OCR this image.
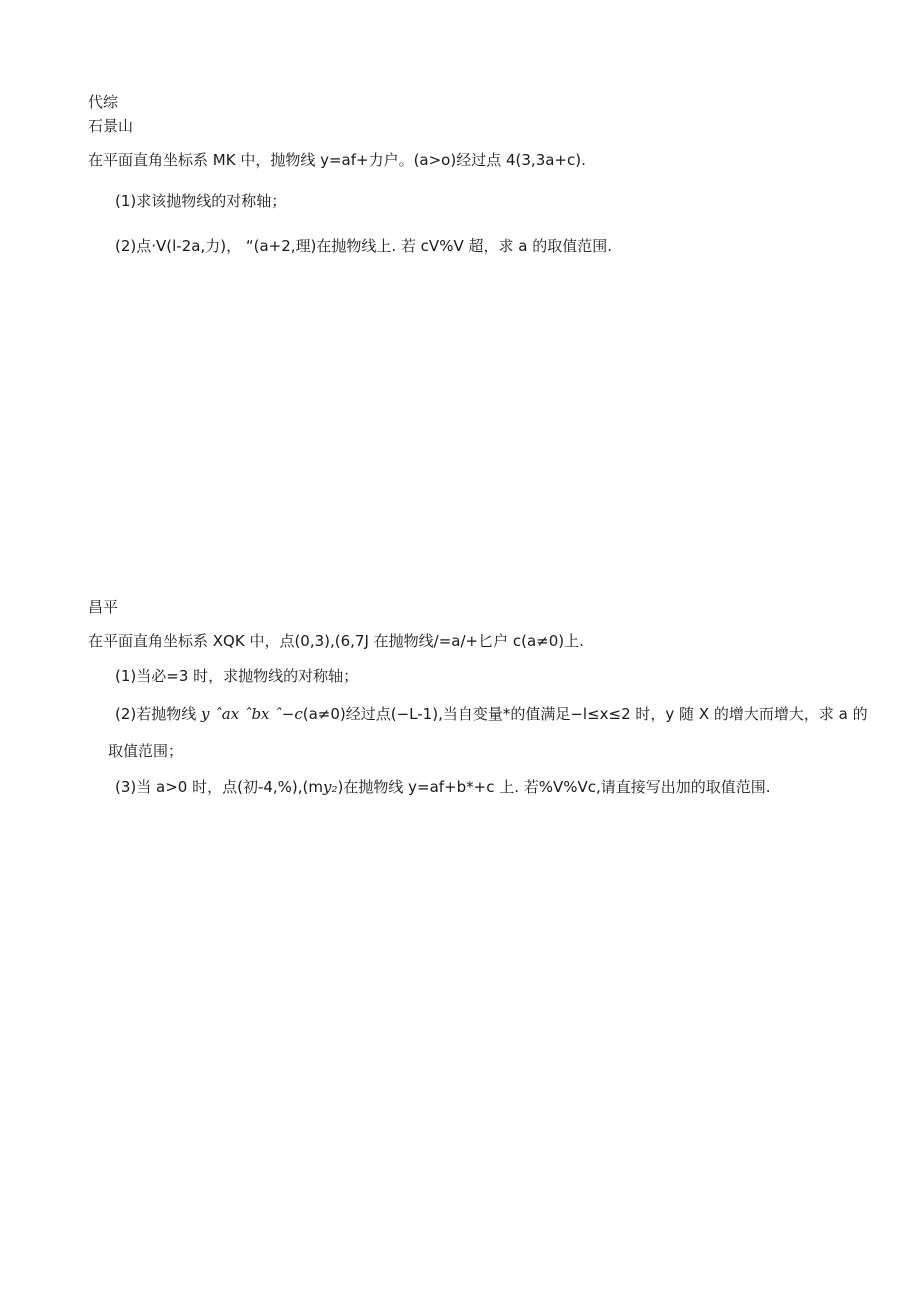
代综
石景山
在平面直角坐标系 MK 中，抛物线 y=af+力户。(a>o)经过点 4(3,3a+c).
(1)求该抛物线的对称轴；
(2)点·V(l-2a,力)， “(a+2,理)在抛物线上. 若 cV%V 超，求 a 的取值范围.
昌平
在平面直角坐标系 XQK 中，点(0,3),(6,7J 在抛物线/=a/+匕户 c(a≠0)上.
(1)当必=3 时，求抛物线的对称轴；
(2)若抛物线 y ˆax ˆbx ˆ−c(a≠0)经过点(−L-1),当自变量*的值满足−l≤x≤2 时，y 随 X 的增大而增大，求 a 的
取值范围；
(3)当 a>0 时，点(初-4,%),(my₂)在抛物线 y=af+b*+c 上. 若%V%Vc,请直接写出加的取值范围.
